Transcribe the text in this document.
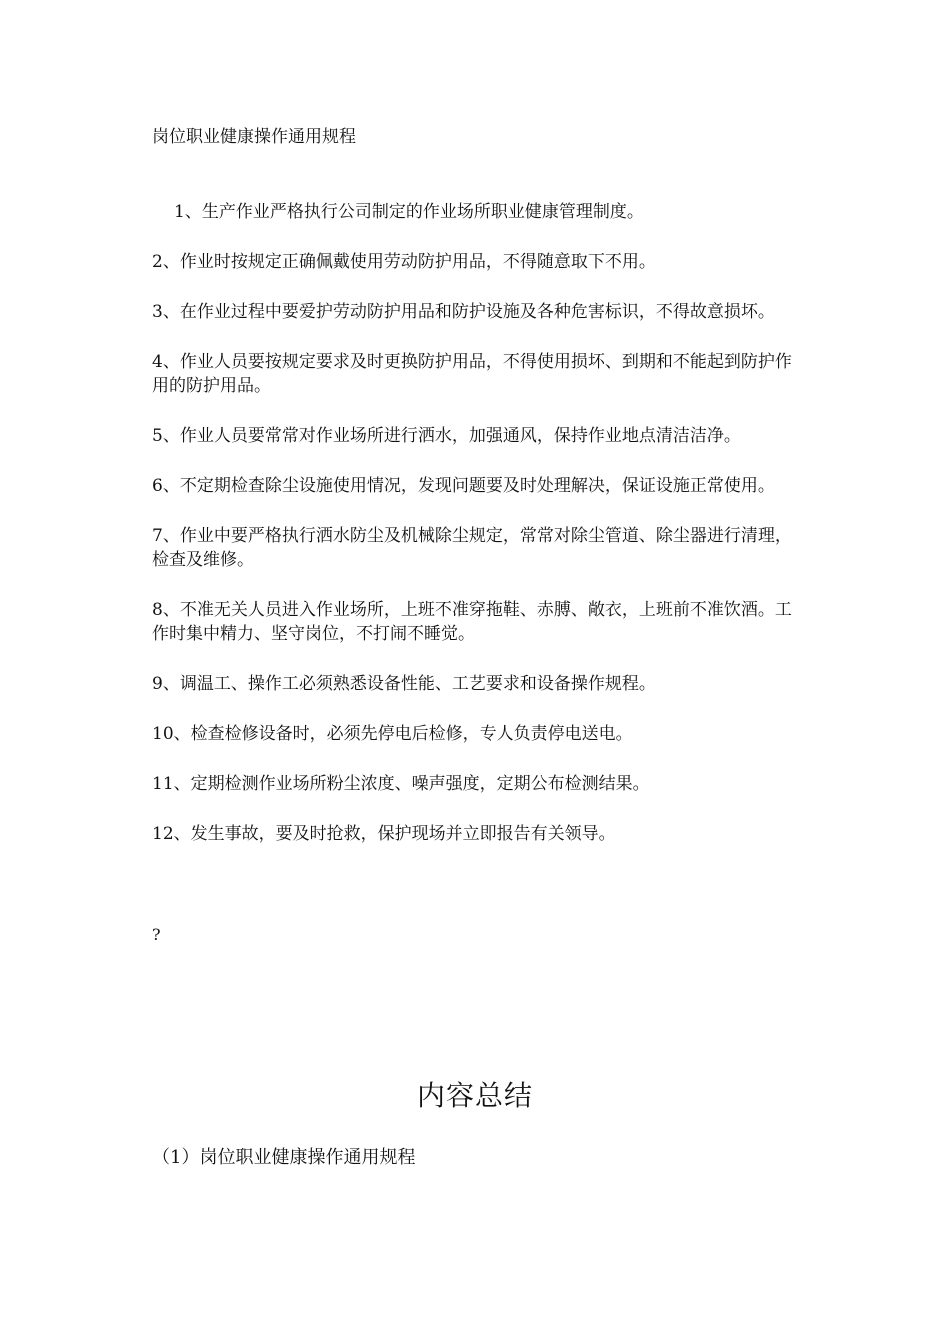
岗位职业健康操作通用规程
1、生产作业严格执行公司制定的作业场所职业健康管理制度。
2、作业时按规定正确佩戴使用劳动防护用品，不得随意取下不用。
3、在作业过程中要爱护劳动防护用品和防护设施及各种危害标识，不得故意损坏。
4、作业人员要按规定要求及时更换防护用品，不得使用损坏、到期和不能起到防护作用的防护用品。
5、作业人员要常常对作业场所进行洒水，加强通风，保持作业地点清洁洁净。
6、不定期检查除尘设施使用情况，发现问题要及时处理解决，保证设施正常使用。
7、作业中要严格执行洒水防尘及机械除尘规定，常常对除尘管道、除尘器进行清理，检查及维修。
8、不准无关人员进入作业场所，上班不准穿拖鞋、赤膊、敞衣，上班前不准饮酒。工作时集中精力、坚守岗位，不打闹不睡觉。
9、调温工、操作工必须熟悉设备性能、工艺要求和设备操作规程。
10、检查检修设备时，必须先停电后检修，专人负责停电送电。
11、定期检测作业场所粉尘浓度、噪声强度，定期公布检测结果。
12、发生事故，要及时抢救，保护现场并立即报告有关领导。
?
内容总结
（1）岗位职业健康操作通用规程
